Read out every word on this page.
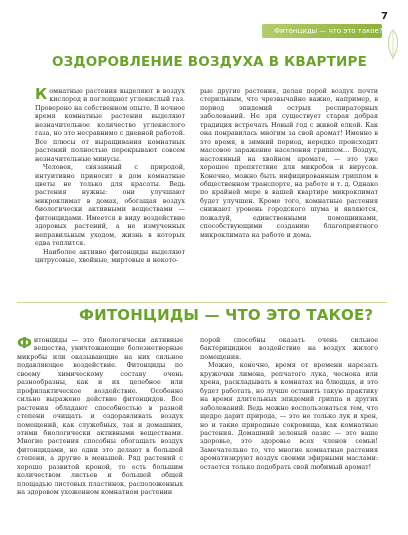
7
Фитонциды — что это такое?
ОЗДОРОВЛЕНИЕ ВОЗДУХА В КВАРТИРЕ

Комнатные растения выделяют в воздух кислород и поглощают углекислый газ. Проверено на собственном опыте. В ночное время комнатные растения выделяют незначительное количество углекислого газа, но это несравнимо с дневной работой. Все плюсы от выращивания комнатных растений полностью перекрывают совсем незначительные минусы.

Человек, связанный с природой, интуитивно приносит в дом комнатные цветы не только для красоты. Ведь растения нужны: они улучшают микроклимат в домах, обогащая воздух биологически активными веществами — фитонцидами. Имеется в виду воздействие здоровых растений, а не измученных неправильным уходом, жизнь в которых едва теплится.

Наиболее активно фитонциды выделяют цитрусовые, хвойные, миртовые и некото-

рые другие растения, делая порой воздух почти стерильным, что чрезвычайно важно, например, в период эпидемий острых респираторных заболеваний. Не зря существует старая добрая традиция встречать Новый год с живой елкой. Как она понравилась многим за свой аромат! Именно в это время, в зимний период, нередко происходит массовое заражение населения гриппом… Воздух, настоянный на хвойном аромате, — это уже хорошее препятствие для микробов и вирусов. Конечно, можно быть инфицированным гриппом в общественном транспорте, на работе и т. д. Однако по крайней мере в вашей квартире микроклимат будет улучшен. Кроме того, комнатные растения снижают уровень городского шума и являются, пожалуй, единственными помощниками, способствующими созданию благоприятного микроклимата на работе и дома.

ФИТОНЦИДЫ — ЧТО ЭТО ТАКОЕ?

Фитонциды — это биологически активные вещества, уничтожающие болезнетворные микробы или оказывающие на них сильное подавляющее воздействие. Фитонциды по своему химическому составу очень разнообразны, как и их целебное или профилактическое воздействие. Особенно сильно выражено действие фитонцидов. Все растения обладают способностью в разной степени очищать и оздоравливать воздух помещений, как служебных, так и домашних, этими биологически активными веществами. Многие растения способны обогащать воздух фитонцидами, но одни это делают в большей степени, а другие в меньшей. Ряд растений с хорошо развитой кроной, то есть большим количеством листьев и большей общей площадью листовых пластинок, расположенных на здоровом ухоженном комнатном растении

порой способны оказать очень сильное бактерицидное воздействие на воздух жилого помещения.

Можно, конечно, время от времени нарезать кружочки лимона, репчатого лука, чеснока или хрена, раскладывать в комнатах на блюдцах, и это будет работать, но лучше оставить такую практику на время длительных эпидемий гриппа и других заболеваний. Ведь можно воспользоваться тем, что щедро дарит природа, — это не только лук и хрен, но и такие природные сокровища, как комнатные растения. Домашний зеленый оазис — это ваше здоровье, это здоровье всех членов семьи! Замечательно то, что многие комнатные растения ароматизируют воздух своими эфирными маслами: остается только подобрать свой любимый аромат!
